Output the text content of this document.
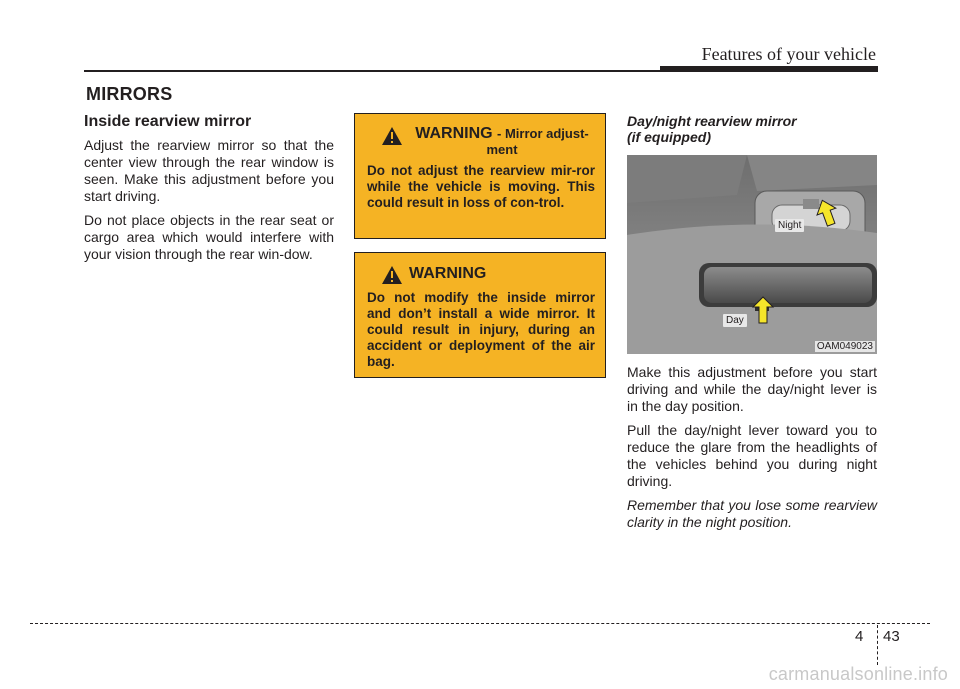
Features of your vehicle
MIRRORS
Inside rearview mirror

Adjust the rearview mirror so that the center view through the rear window is seen. Make this adjustment before you start driving.

Do not place objects in the rear seat or cargo area which would interfere with your vision through the rear win-dow.

WARNING - Mirror adjust-ment

Do not adjust the rearview mir-ror while the vehicle is moving. This could result in loss of con-trol.

WARNING

Do not modify the inside mirror and don’t install a wide mirror. It could result in injury, during an accident or deployment of the air bag.

Day/night rearview mirror
(if equipped)
Night
Day
OAM049023

Make this adjustment before you start driving and while the day/night lever is in the day position.

Pull the day/night lever toward you to reduce the glare from the headlights of the vehicles behind you during night driving.

Remember that you lose some rearview clarity in the night position.

4 43
carmanualsonline.info
